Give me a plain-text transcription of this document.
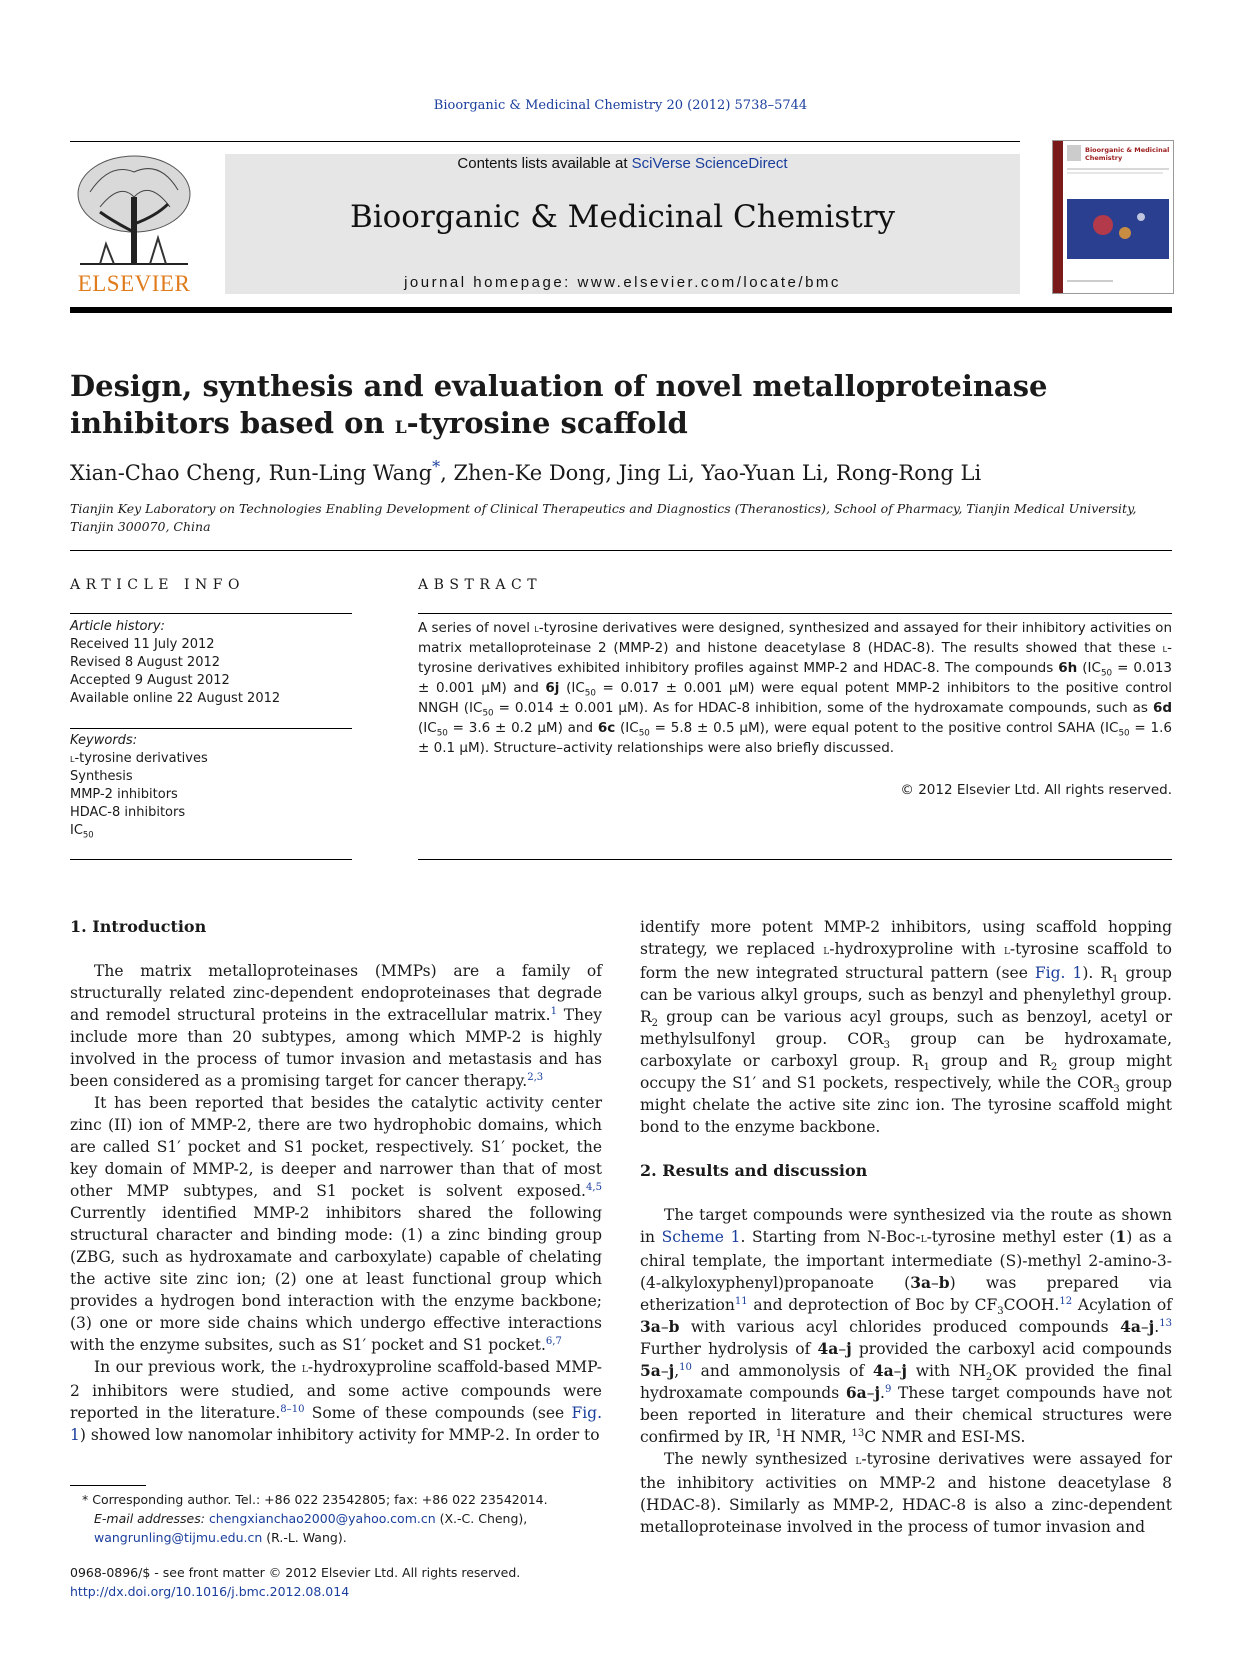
Bioorganic & Medicinal Chemistry 20 (2012) 5738–5744
ELSEVIER
Contents lists available at SciVerse ScienceDirect
Bioorganic & Medicinal Chemistry
journal homepage: www.elsevier.com/locate/bmc
Bioorganic & Medicinal
Chemistry
Design, synthesis and evaluation of novel metalloproteinase inhibitors based on l-tyrosine scaffold
Xian-Chao Cheng, Run-Ling Wang*, Zhen-Ke Dong, Jing Li, Yao-Yuan Li, Rong-Rong Li
Tianjin Key Laboratory on Technologies Enabling Development of Clinical Therapeutics and Diagnostics (Theranostics), School of Pharmacy, Tianjin Medical University, Tianjin 300070, China
ARTICLE INFO	ABSTRACT
Article history:
Received 11 July 2012
Revised 8 August 2012
Accepted 9 August 2012
Available online 22 August 2012
Keywords:
l-tyrosine derivatives
Synthesis
MMP-2 inhibitors
HDAC-8 inhibitors
$IC_{50}$
A series of novel l-tyrosine derivatives were designed, synthesized and assayed for their inhibitory activities on matrix metalloproteinase 2 (MMP-2) and histone deacetylase 8 (HDAC-8). The results showed that these l-tyrosine derivatives exhibited inhibitory profiles against MMP-2 and HDAC-8. The compounds 6h ($IC_{50} = 0.013 \pm 0.001$ μM) and 6j ($IC_{50} = 0.017 \pm 0.001$ μM) were equal potent MMP-2 inhibitors to the positive control NNGH ($IC_{50} = 0.014 \pm 0.001$ μM). As for HDAC-8 inhibition, some of the hydroxamate compounds, such as 6d ($IC_{50} = 3.6 \pm 0.2$ μM) and 6c ($IC_{50} = 5.8 \pm 0.5$ μM), were equal potent to the positive control SAHA ($IC_{50} = 1.6 \pm 0.1$ μM). Structure–activity relationships were also briefly discussed.
© 2012 Elsevier Ltd. All rights reserved.
1. Introduction

The matrix metalloproteinases (MMPs) are a family of structurally related zinc-dependent endoproteinases that degrade and remodel structural proteins in the extracellular matrix.$^1$ They include more than 20 subtypes, among which MMP-2 is highly involved in the process of tumor invasion and metastasis and has been considered as a promising target for cancer therapy.$^{2,3}$

It has been reported that besides the catalytic activity center zinc (II) ion of MMP-2, there are two hydrophobic domains, which are called S1′ pocket and S1 pocket, respectively. S1′ pocket, the key domain of MMP-2, is deeper and narrower than that of most other MMP subtypes, and S1 pocket is solvent exposed.$^{4,5}$ Currently identified MMP-2 inhibitors shared the following structural character and binding mode: (1) a zinc binding group (ZBG, such as hydroxamate and carboxylate) capable of chelating the active site zinc ion; (2) one at least functional group which provides a hydrogen bond interaction with the enzyme backbone; (3) one or more side chains which undergo effective interactions with the enzyme subsites, such as S1′ pocket and S1 pocket.$^{6,7}$

In our previous work, the l-hydroxyproline scaffold-based MMP-2 inhibitors were studied, and some active compounds were reported in the literature.$^{8-10}$ Some of these compounds (see Fig. 1) showed low nanomolar inhibitory activity for MMP-2. In order to

* Corresponding author. Tel.: +86 022 23542805; fax: +86 022 23542014.
E-mail addresses: chengxianchao2000@yahoo.com.cn (X.-C. Cheng), wangrunling@tijmu.edu.cn (R.-L. Wang).
0968-0896/$ - see front matter © 2012 Elsevier Ltd. All rights reserved.
http://dx.doi.org/10.1016/j.bmc.2012.08.014

identify more potent MMP-2 inhibitors, using scaffold hopping strategy, we replaced l-hydroxyproline with l-tyrosine scaffold to form the new integrated structural pattern (see Fig. 1). $R_1$ group can be various alkyl groups, such as benzyl and phenylethyl group. $R_2$ group can be various acyl groups, such as benzoyl, acetyl or methylsulfonyl group. $COR_3$ group can be hydroxamate, carboxylate or carboxyl group. $R_1$ group and $R_2$ group might occupy the S1′ and S1 pockets, respectively, while the $COR_3$ group might chelate the active site zinc ion. The tyrosine scaffold might bond to the enzyme backbone.

2. Results and discussion

The target compounds were synthesized via the route as shown in Scheme 1. Starting from N-Boc-l-tyrosine methyl ester (1) as a chiral template, the important intermediate (S)-methyl 2-amino-3-(4-alkyloxyphenyl)propanoate (3a–b) was prepared via etherization$^{11}$ and deprotection of Boc by $CF_3COOH.^{12}$ Acylation of 3a–b with various acyl chlorides produced compounds 4a–j.$^{13}$ Further hydrolysis of 4a–j provided the carboxyl acid compounds 5a–j,$^{10}$ and ammonolysis of 4a–j with $NH_2OK$ provided the final hydroxamate compounds 6a–j.$^9$ These target compounds have not been reported in literature and their chemical structures were confirmed by IR, $^1$H NMR, $^{13}$C NMR and ESI-MS.

The newly synthesized l-tyrosine derivatives were assayed for the inhibitory activities on MMP-2 and histone deacetylase 8 (HDAC-8). Similarly as MMP-2, HDAC-8 is also a zinc-dependent metalloproteinase involved in the process of tumor invasion and
